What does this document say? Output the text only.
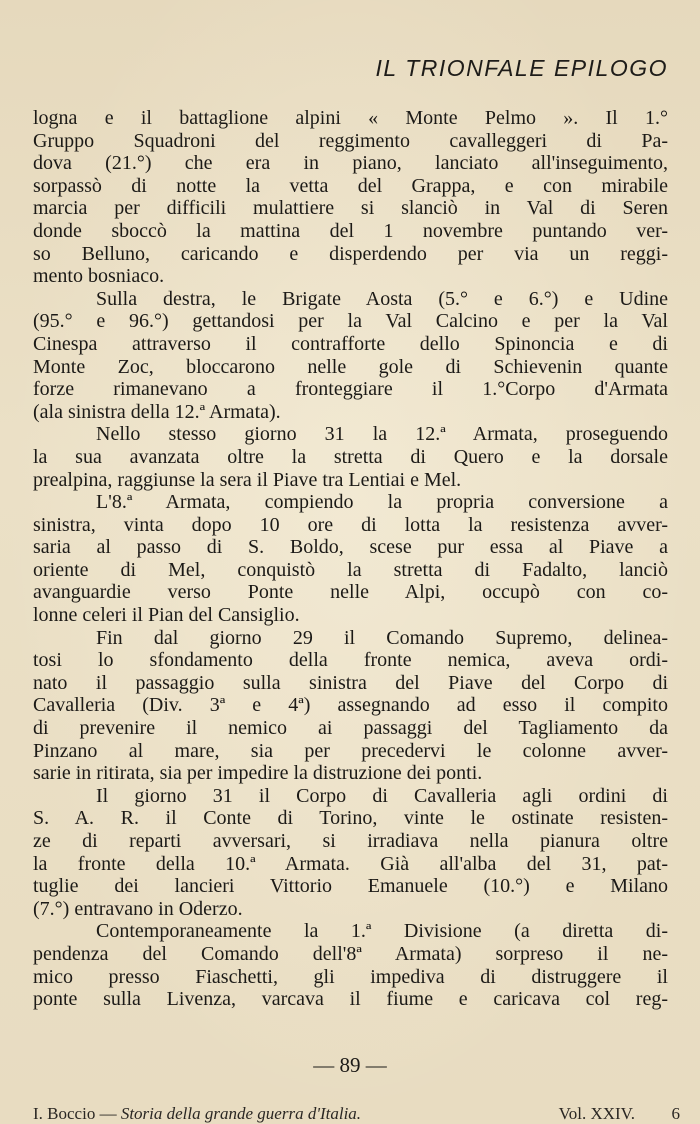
IL TRIONFALE EPILOGO
logna e il battaglione alpini « Monte Pelmo ». Il 1.°
Gruppo Squadroni del reggimento cavalleggeri di Pa-
dova (21.°) che era in piano, lanciato all'inseguimento,
sorpassò di notte la vetta del Grappa, e con mirabile
marcia per difficili mulattiere si slanciò in Val di Seren
donde sboccò la mattina del 1 novembre puntando ver-
so Belluno, caricando e disperdendo per via un reggi-
mento bosniaco.
Sulla destra, le Brigate Aosta (5.° e 6.°) e Udine
(95.° e 96.°) gettandosi per la Val Calcino e per la Val
Cinespa attraverso il contrafforte dello Spinoncia e di
Monte Zoc, bloccarono nelle gole di Schievenin quante
forze rimanevano a fronteggiare il 1.°Corpo d'Armata
(ala sinistra della 12.ª Armata).
Nello stesso giorno 31 la 12.ª Armata, proseguendo
la sua avanzata oltre la stretta di Quero e la dorsale
prealpina, raggiunse la sera il Piave tra Lentiai e Mel.
L'8.ª Armata, compiendo la propria conversione a
sinistra, vinta dopo 10 ore di lotta la resistenza avver-
saria al passo di S. Boldo, scese pur essa al Piave a
oriente di Mel, conquistò la stretta di Fadalto, lanciò
avanguardie verso Ponte nelle Alpi, occupò con co-
lonne celeri il Pian del Cansiglio.
Fin dal giorno 29 il Comando Supremo, delinea-
tosi lo sfondamento della fronte nemica, aveva ordi-
nato il passaggio sulla sinistra del Piave del Corpo di
Cavalleria (Div. 3ª e 4ª) assegnando ad esso il compito
di prevenire il nemico ai passaggi del Tagliamento da
Pinzano al mare, sia per precedervi le colonne avver-
sarie in ritirata, sia per impedire la distruzione dei ponti.
Il giorno 31 il Corpo di Cavalleria agli ordini di
S. A. R. il Conte di Torino, vinte le ostinate resisten-
ze di reparti avversari, si irradiava nella pianura oltre
la fronte della 10.ª Armata. Già all'alba del 31, pat-
tuglie dei lancieri Vittorio Emanuele (10.°) e Milano
(7.°) entravano in Oderzo.
Contemporaneamente la 1.ª Divisione (a diretta di-
pendenza del Comando dell'8ª Armata) sorpreso il ne-
mico presso Fiaschetti, gli impediva di distruggere il
ponte sulla Livenza, varcava il fiume e caricava col reg-
— 89 —
I. Boccio — Storia della grande guerra d'Italia.	Vol. XXIV. 6
